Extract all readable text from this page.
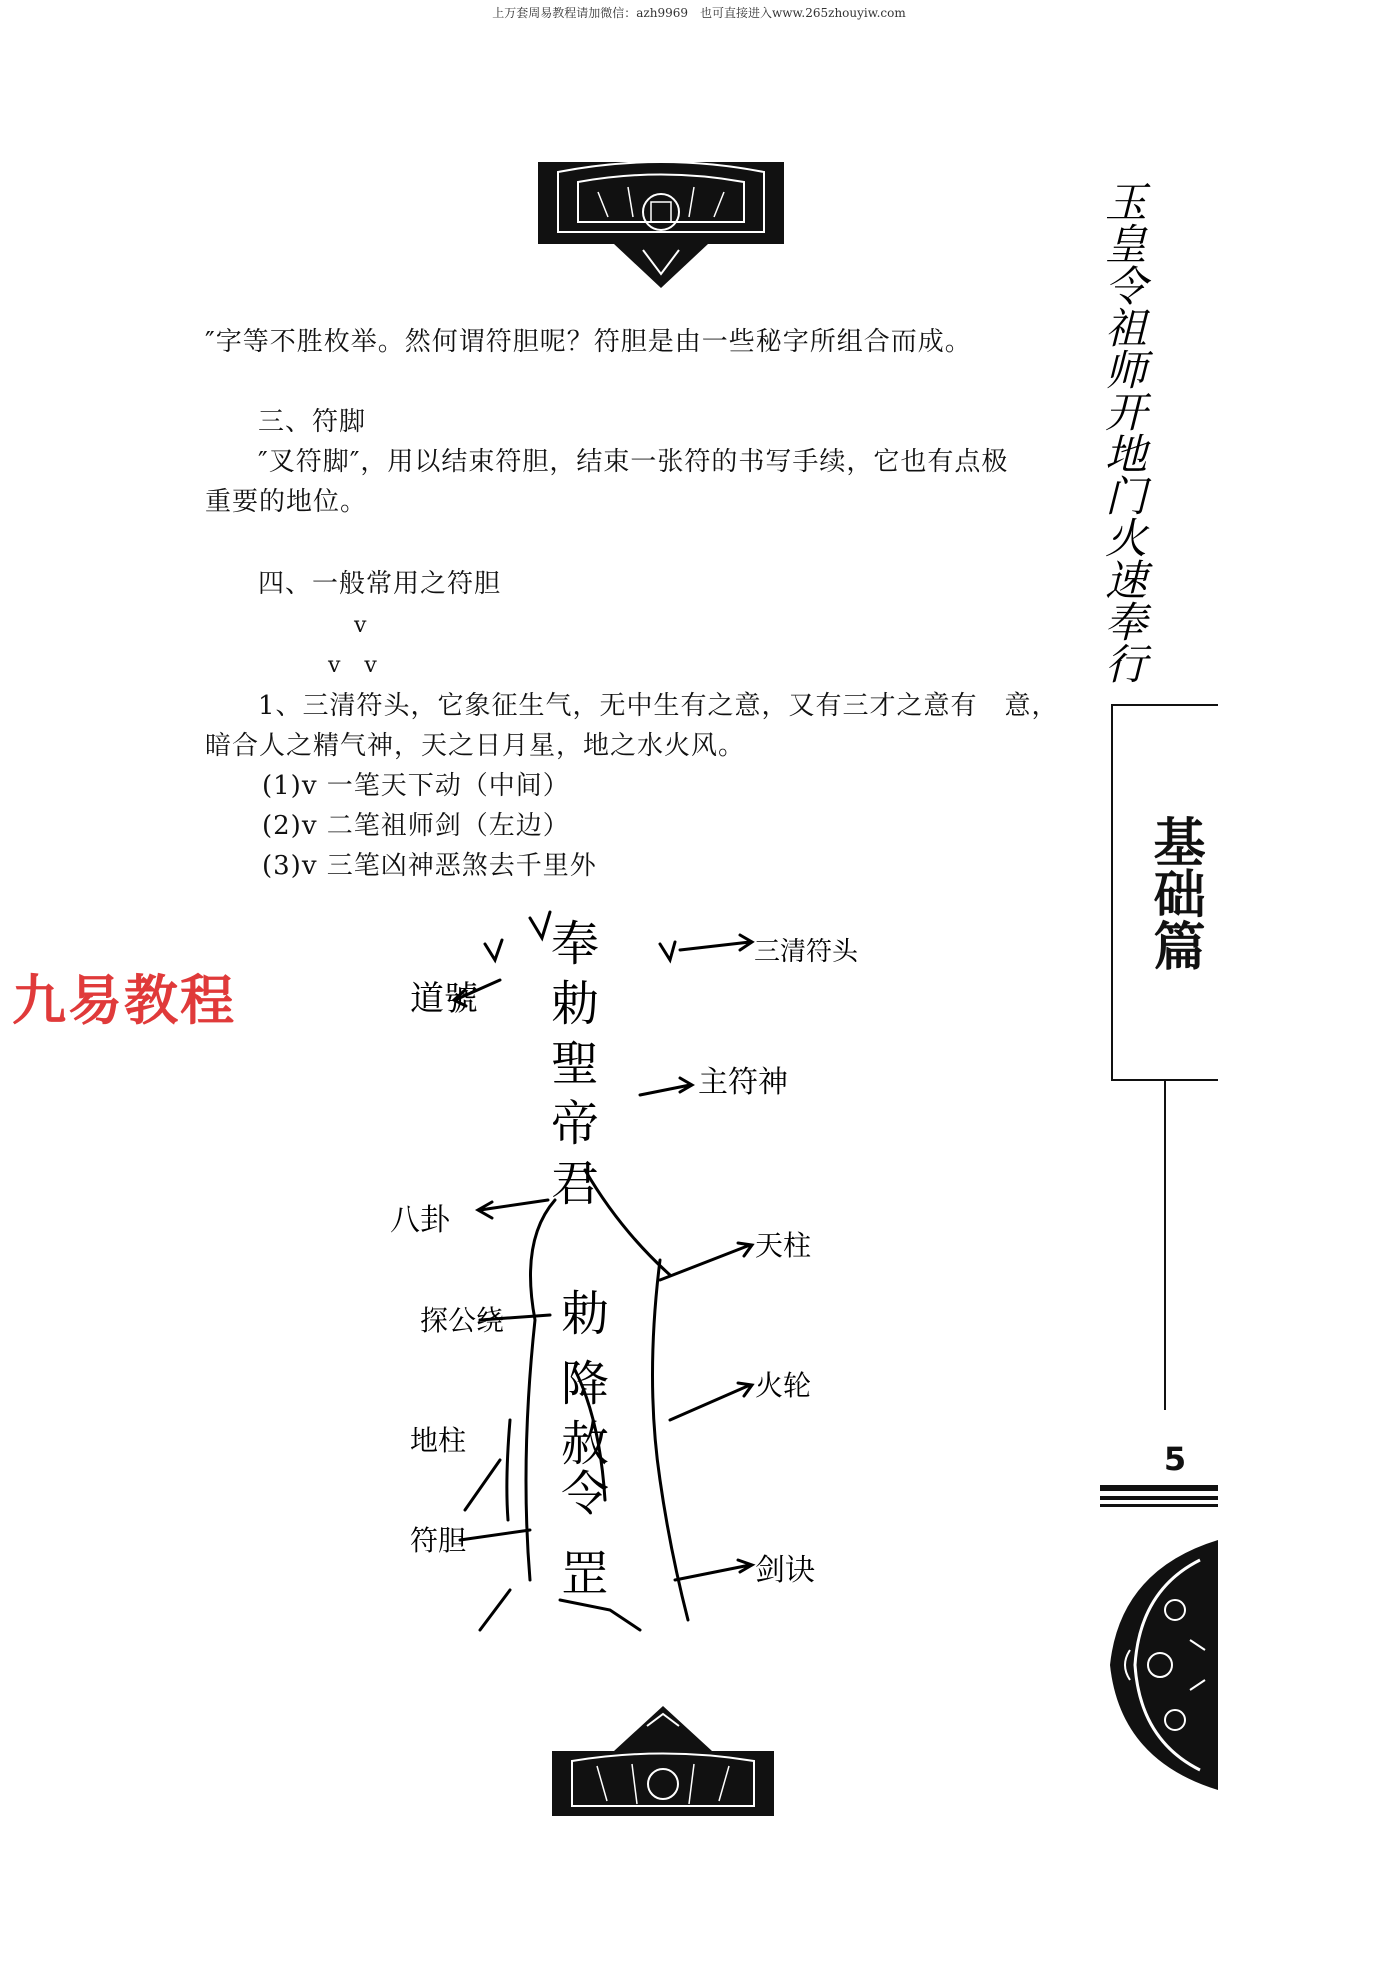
上万套周易教程请加微信：azh9969　也可直接进入www.265zhouyiw.com
″字等不胜枚举。然何谓符胆呢？符胆是由一些秘字所组合而成。
三、符脚
″叉符脚″，用以结束符胆，结束一张符的书写手续，它也有点极
重要的地位。
四、一般常用之符胆
v
v　v
1、三清符头，它象征生气，无中生有之意，又有三才之意有　意，
暗合人之精气神，天之日月星，地之水火风。
(1)v 一笔天下动（中间）
(2)v 二笔祖师剑（左边）
(3)v 三笔凶神恶煞去千里外
九易教程
玉皇令祖师开地门火速奉行
基础篇
5
三清符头
道號
主符神
八卦
天柱
探公绕
火轮
地柱
符胆
剑诀
奉
勅
聖
帝
君
勅
降
赦
令
罡
